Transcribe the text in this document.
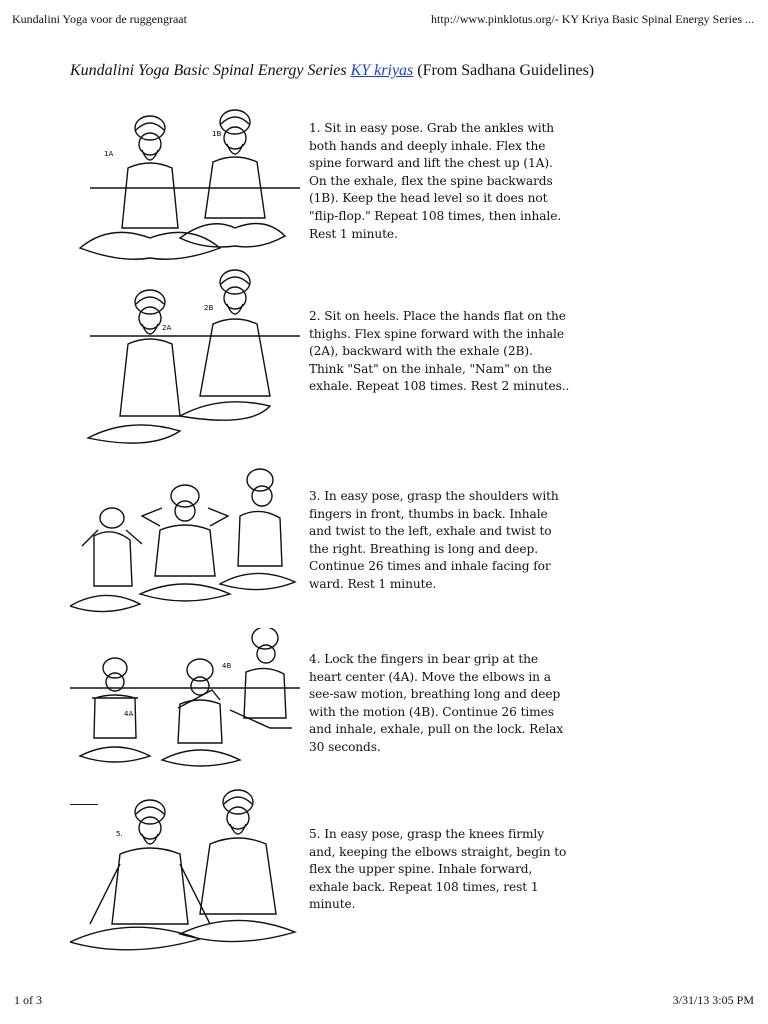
Kundalini Yoga voor de ruggengraat	http://www.pinklotus.org/- KY Kriya Basic Spinal Energy Series ...
Kundalini Yoga Basic Spinal Energy Series KY kriyas (From Sadhana Guidelines)
1A
1B
2A
2B
4A
4B
5.
1. Sit in easy pose. Grab the ankles with both hands and deeply inhale. Flex the spine forward and lift the chest up (1A). On the exhale, flex the spine backwards (1B). Keep the head level so it does not "flip-flop." Repeat 108 times, then inhale. Rest 1 minute.
2. Sit on heels. Place the hands flat on the thighs. Flex spine forward with the inhale (2A), backward with the exhale (2B). Think "Sat" on the inhale, "Nam" on the exhale. Repeat 108 times. Rest 2 minutes..
3. In easy pose, grasp the shoulders with fingers in front, thumbs in back. Inhale and twist to the left, exhale and twist to the right. Breathing is long and deep. Continue 26 times and inhale facing for ward. Rest 1 minute.
4. Lock the fingers in bear grip at the heart center (4A). Move the elbows in a see-saw motion, breathing long and deep with the motion (4B). Continue 26 times and inhale, exhale, pull on the lock. Relax 30 seconds.
5. In easy pose, grasp the knees firmly and, keeping the elbows straight, begin to flex the upper spine. Inhale forward, exhale back. Repeat 108 times, rest 1 minute.
1 of 3	3/31/13 3:05 PM
